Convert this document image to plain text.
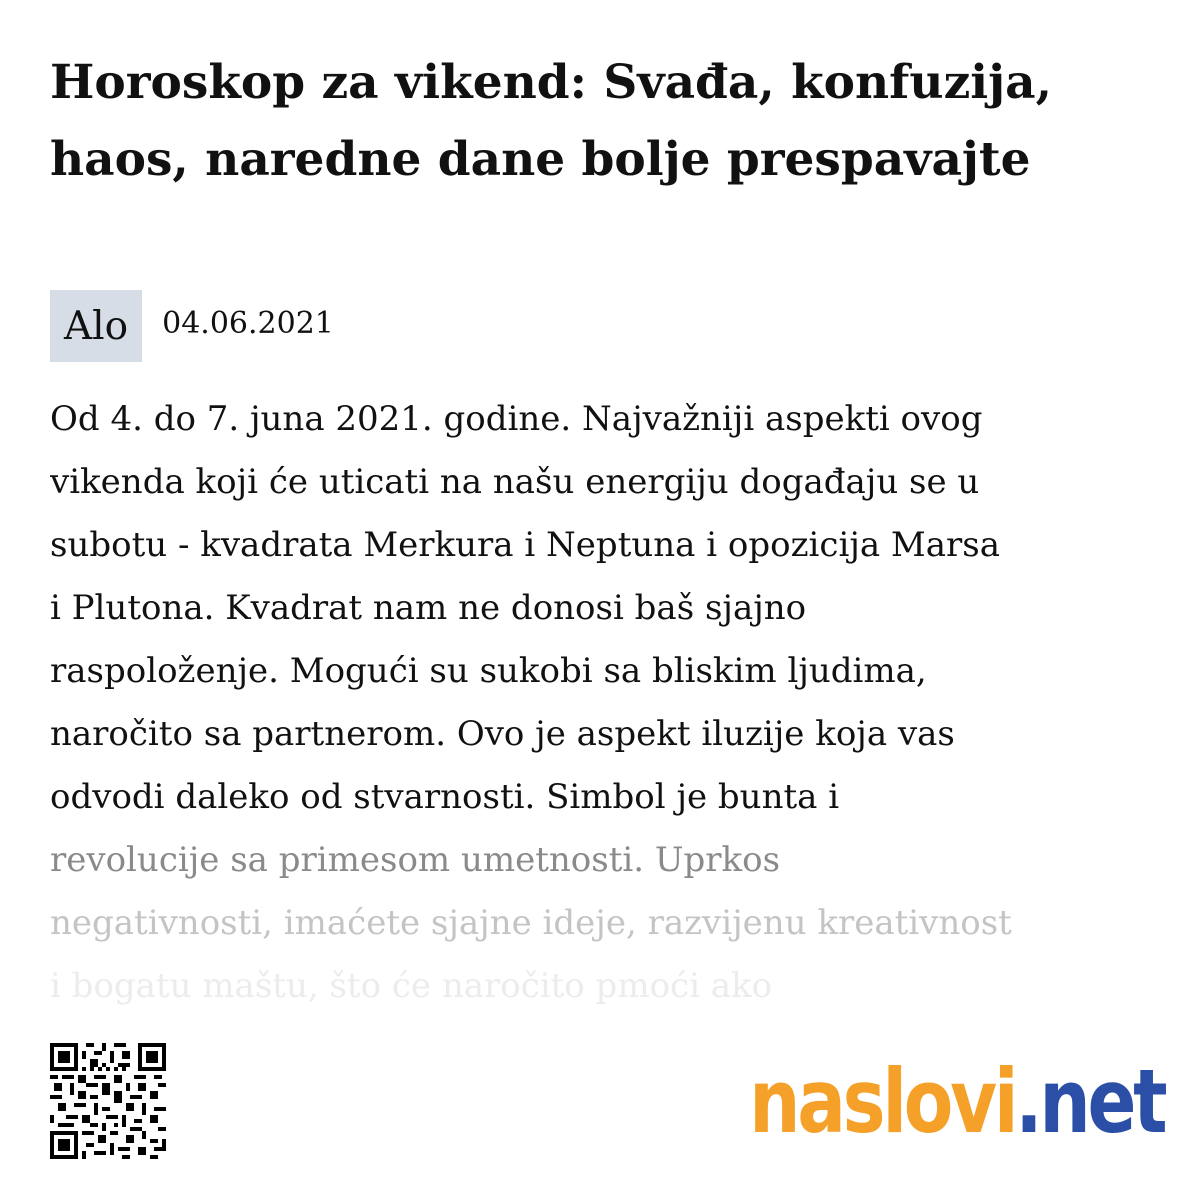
Horoskop za vikend: Svađa, konfuzija, haos, naredne dane bolje prespavajte
Alo	04.06.2021
Od 4. do 7. juna 2021. godine. Najvažniji aspekti ovog
vikenda koji će uticati na našu energiju događaju se u
subotu - kvadrata Merkura i Neptuna i opozicija Marsa
i Plutona. Kvadrat nam ne donosi baš sjajno
raspoloženje. Mogući su sukobi sa bliskim ljudima,
naročito sa partnerom. Ovo je aspekt iluzije koja vas
odvodi daleko od stvarnosti. Simbol je bunta i
revolucije sa primesom umetnosti. Uprkos
negativnosti, imaćete sjajne ideje, razvijenu kreativnost
i bogatu maštu, što će naročito pmoći ako
naslovi.net
